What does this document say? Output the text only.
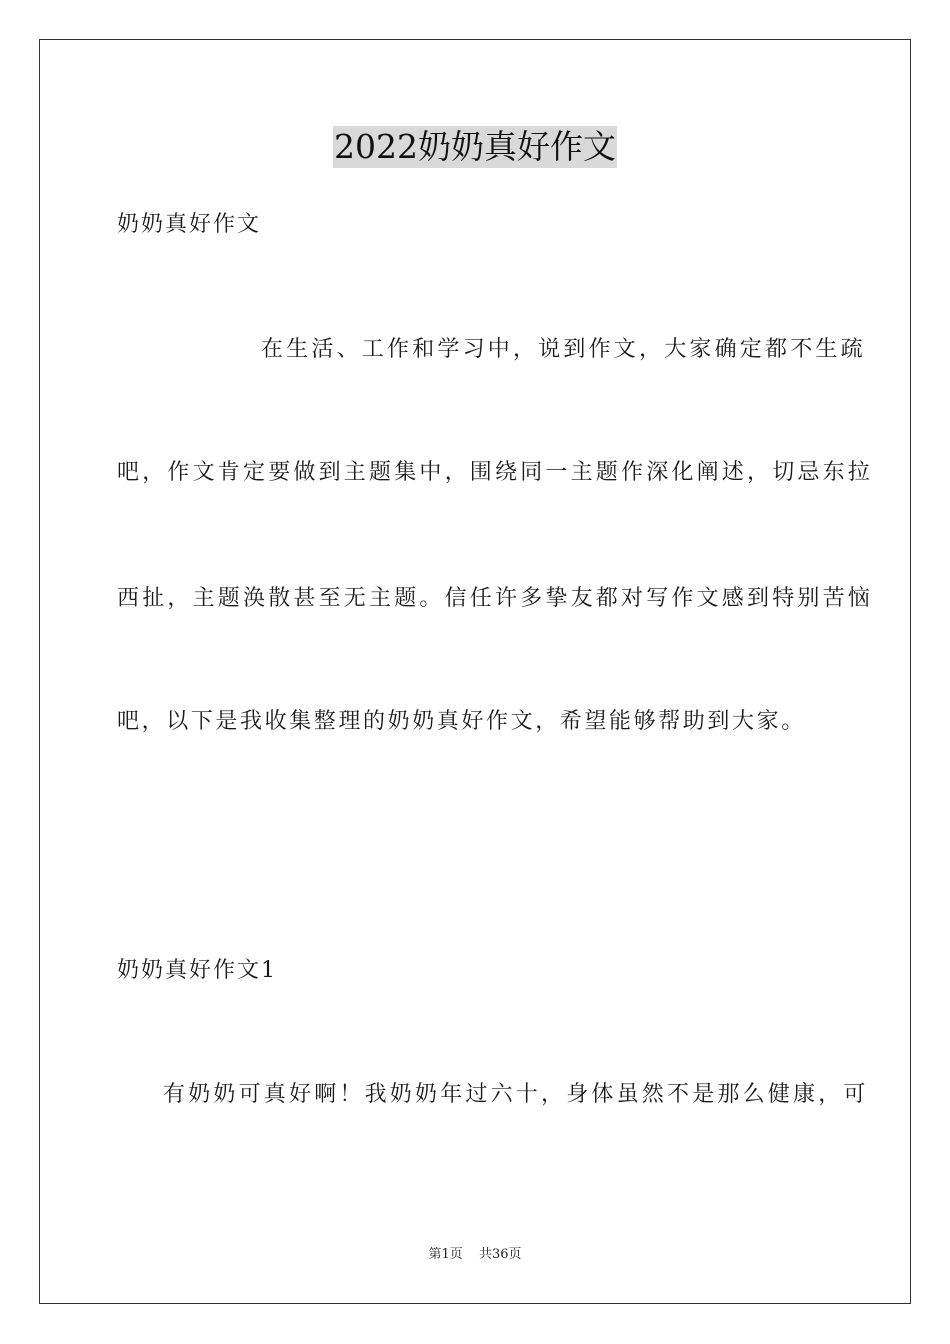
2022奶奶真好作文
奶奶真好作文
在生活、工作和学习中，说到作文，大家确定都不生疏
吧，作文肯定要做到主题集中，围绕同一主题作深化阐述，切忌东拉
西扯，主题涣散甚至无主题。信任许多挚友都对写作文感到特别苦恼
吧，以下是我收集整理的奶奶真好作文，希望能够帮助到大家。
奶奶真好作文1
有奶奶可真好啊！我奶奶年过六十，身体虽然不是那么健康，可
第1页 共36页
